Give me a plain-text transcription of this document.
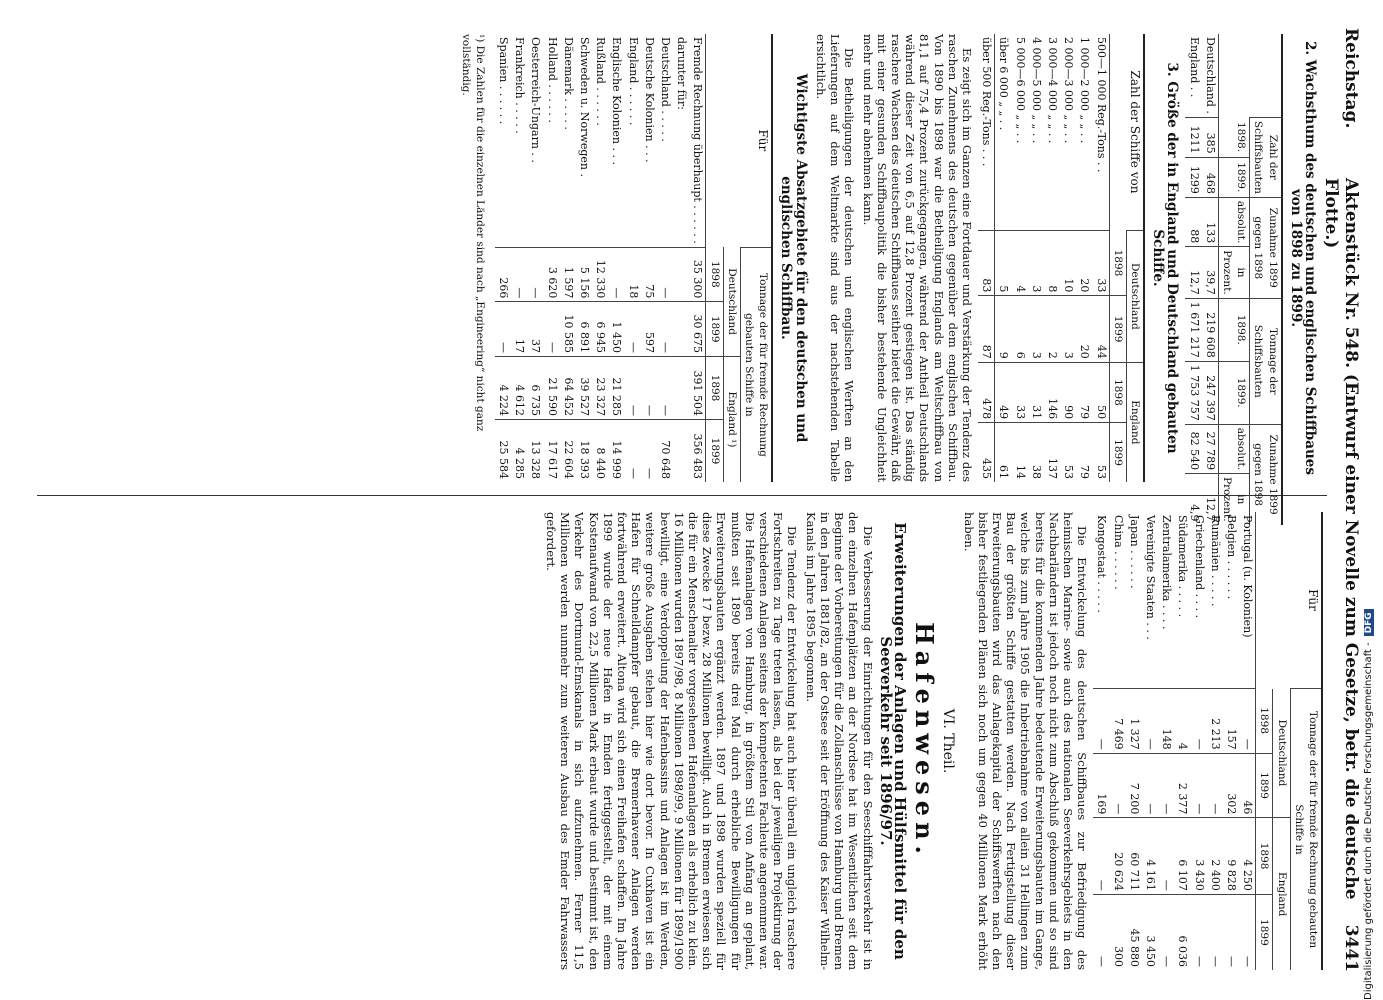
Reichstag.
Aktenstück Nr. 548. (Entwurf einer Novelle zum Gesetze, betr. die deutsche Flotte.)
3441
2. Wachsthum des deutschen und englischen Schiffbaues von 1898 zu 1899.
	Zahl der Schiffsbauten		Zunahme 1899 gegen 1898		Tonnage der Schiffsbauten		Zunahme 1899 gegen 1898	
	1898.	1899.	absolut.	in Prozent.	1898.	1899.	absolut.	in Prozent.
Deutschland .	385	468	133	39,7	219 608	247 397	27 789	12,7
England . .	1211	1299	88	12,7	1 671 217	1 753 757	82 540	4,9
3. Größe der in England und Deutschland gebauten Schiffe.
Zahl der Schiffe von	Deutschland		England	
	1898	1899	1898	1899
500—1 000 Reg.-Tons . .	33	44	50	53
1 000—2 000 „ „ . .	20	20	79	79
2 000—3 000 „ „ . .	10	3	90	53
3 000—4 000 „ „ . .	8	2	146	137
4 000—5 000 „ „ . .	3	3	31	38
5 000—6 000 „ „ . .	4	6	33	14
über 6 000 „ „ . .	5	9	49	61
über 500 Reg.-Tons . . .	83	87	478	435

Es zeigt sich im Ganzen eine Fortdauer und Verstärkung der Tendenz des raschen Zunehmens des deutschen gegenüber dem englischen Schiffbau. Von 1890 bis 1898 war die Betheiligung Englands am Weltschiffbau von 81,1 auf 75,4 Prozent zurückgegangen, während der Antheil Deutschlands während dieser Zeit von 6,5 auf 12,8 Prozent gestiegen ist. Das ständig raschere Wachsen des deutschen Schiffbaues seither bietet die Gewähr, daß mit einer gesunden Schiffbaupolitik die bisher bestehende Ungleichheit mehr und mehr abnehmen kann.

Die Betheiligungen der deutschen und englischen Werften an den Lieferungen auf dem Weltmarkte sind aus der nachstehenden Tabelle ersichtlich.

Wichtigste Absatzgebiete für den deutschen und englischen Schiffbau.
Für	Tonnage der für fremde Rechnung gebauten Schiffe in			
	Deutschland		England ¹)	
	1898	1899	1898	1899
Fremde Rechnung überhaupt . . . . . .	35 300	30 675	391 504	356 483
darunter für:				
Deutschland . . . . .	—	—	—	70 648
Deutsche Kolonien . . .	75	597	—	—
England . . . . . .	18	—	—	—
Englische Kolonien . . .	—	1 450	21 285	14 999
Rußland . . . . . .	12 330	6 945	23 327	8 440
Schweden u. Norwegen .	5 156	6 891	39 527	18 393
Dänemark . . . . .	1 597	10 585	64 452	22 604
Holland . . . . . .	3 620	—	21 590	17 617
Oesterreich-Ungarn . .	—	37	6 735	13 328
Frankreich . . . . .	—	17	4 612	4 285
Spanien . . . . . .	266	—	4 224	25 584
¹) Die Zahlen für die einzelnen Länder sind nach „Engineering“ nicht ganz vollständig.
Für	Tonnage der für fremde Rechnung gebauten Schiffe in			
	Deutschland		England	
	1898	1899	1898	1899
Portugal (u. Kolonien)	—	46	4 250	—
Belgien . . . . . .	157	302	9 828	—
Rumänien . . . . .	2 213	—	2 400	—
Griechenland . . . .	—	—	3 430	—
Südamerika . . . . .	4	2 377	6 107	6 036
Zentralamerika . . . .	148	—	—	—
Vereinigte Staaten . . .	—	—	4 161	3 450
Japan . . . . . .	1 327	7 200	60 711	45 880
China . . . . . .	7 469	—	20 624	300
Kongostaat . . . . .	—	169	—	—

Die Entwickelung des deutschen Schiffbaues zur Befriedigung des heimischen Marine- sowie auch des nationalen Seeverkehrsgebiets in den Nachbarländern ist jedoch noch nicht zum Abschluß gekommen und so sind bereits für die kommenden Jahre bedeutende Erweiterungsbauten im Gange, welche bis zum Jahre 1905 die Inbetriebnahme von allein 31 Hellingen zum Bau der größten Schiffe gestatten werden. Nach Fertigstellung dieser Erweiterungsbauten wird das Anlagekapital der Schiffswerften nach den bisher festliegenden Plänen sich noch um gegen 40 Millionen Mark erhöht haben.

VI. Theil.
Hafenwesen.
Erweiterungen der Anlagen und Hülfsmittel für den Seeverkehr seit 1896/97.

Die Verbesserung der Einrichtungen für den Seeschifffahrtsverkehr ist in den einzelnen Hafenplätzen an der Nordsee hat im Wesentlichen seit dem Beginne der Vorbereitungen für die Zollanschlüsse von Hamburg und Bremen in den Jahren 1881/82, an der Ostsee seit der Eröffnung des Kaiser Wilhelm-Kanals im Jahre 1895 begonnen.

Die Tendenz der Entwickelung hat auch hier überall ein ungleich raschere Fortschreiten zu Tage treten lassen, als bei der jeweiligen Projektirung der verschiedenen Anlagen seitens der kompetenten Fachleute angenommen war. Die Hafenanlagen von Hamburg, in größtem Stil von Anfang an geplant, mußten seit 1890 bereits drei Mal durch erhebliche Bewilligungen für Erweiterungsbauten ergänzt werden. 1897 und 1898 wurden speziell für diese Zwecke 17 bezw. 28 Millionen bewilligt. Auch in Bremen erwiesen sich die für ein Menschenalter vorgesehenen Hafenanlagen als erheblich zu klein. 16 Millionen wurden 1897/98, 8 Millionen 1898/99, 9 Millionen für 1899/1900 bewilligt, eine Verdoppelung der Hafenbassins und Anlagen ist im Werden, weitere große Ausgaben stehen hier wie dort bevor. In Cuxhaven ist ein Hafen für Schnelldampfer gebaut, die Bremerhavener Anlagen werden fortwährend erweitert. Altona wird sich einen Freihafen schaffen. Im Jahre 1899 wurde der neue Hafen in Emden fertiggestellt, der mit einem Kostenaufwand von 22,5 Millionen Mark erbaut wurde und bestimmt ist, den Verkehr des Dortmund-Emskanals in sich aufzunehmen. Ferner 11,5 Millionen werden nunmehr zum weiteren Ausbau des Emder Fahrwassers gefordert.

Digitalisierung gefördert durch die Deutsche Forschungsgemeinschaft -DFG
